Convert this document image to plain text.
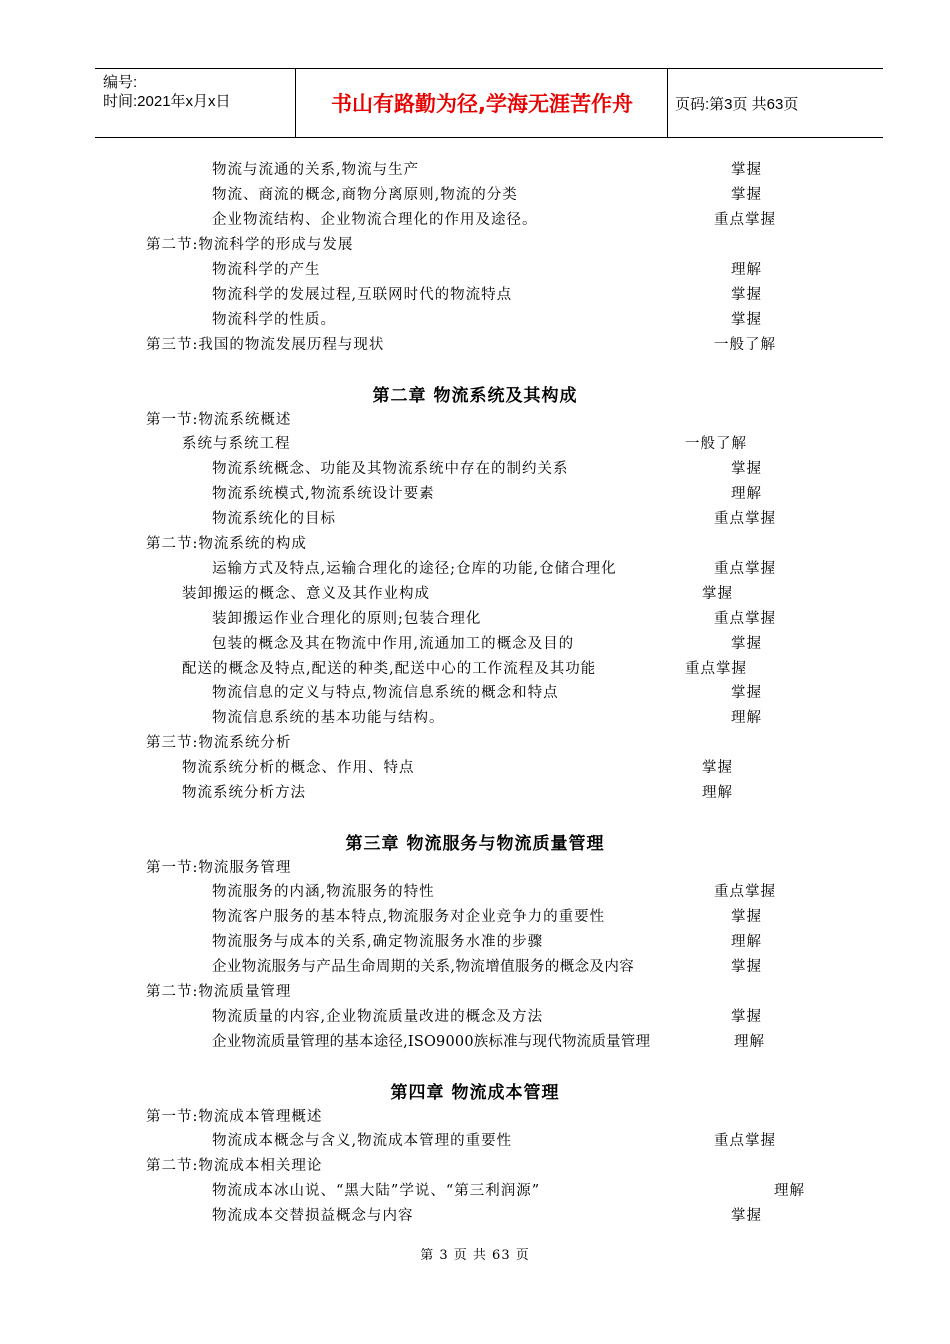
编号:
时间:2021年x月x日	书山有路勤为径,学海无涯苦作舟	页码:第3页 共63页
物流与流通的关系,物流与生产	掌握
物流、商流的概念,商物分离原则,物流的分类	掌握
企业物流结构、企业物流合理化的作用及途径。	重点掌握
第二节:物流科学的形成与发展
物流科学的产生	理解
物流科学的发展过程,互联网时代的物流特点	掌握
物流科学的性质。	掌握
第三节:我国的物流发展历程与现状	一般了解
第二章 物流系统及其构成
第一节:物流系统概述
系统与系统工程	一般了解
物流系统概念、功能及其物流系统中存在的制约关系	掌握
物流系统模式,物流系统设计要素	理解
物流系统化的目标	重点掌握
第二节:物流系统的构成
运输方式及特点,运输合理化的途径;仓库的功能,仓储合理化	重点掌握
装卸搬运的概念、意义及其作业构成	掌握
装卸搬运作业合理化的原则;包装合理化	重点掌握
包装的概念及其在物流中作用,流通加工的概念及目的	掌握
配送的概念及特点,配送的种类,配送中心的工作流程及其功能	重点掌握
物流信息的定义与特点,物流信息系统的概念和特点	掌握
物流信息系统的基本功能与结构。	理解
第三节:物流系统分析
物流系统分析的概念、作用、特点	掌握
物流系统分析方法	理解
第三章 物流服务与物流质量管理
第一节:物流服务管理
物流服务的内涵,物流服务的特性	重点掌握
物流客户服务的基本特点,物流服务对企业竞争力的重要性	掌握
物流服务与成本的关系,确定物流服务水准的步骤	理解
企业物流服务与产品生命周期的关系,物流增值服务的概念及内容	掌握
第二节:物流质量管理
物流质量的内容,企业物流质量改进的概念及方法	掌握
企业物流质量管理的基本途径,ISO9000族标准与现代物流质量管理	理解
第四章 物流成本管理
第一节:物流成本管理概述
物流成本概念与含义,物流成本管理的重要性	重点掌握
第二节:物流成本相关理论
物流成本冰山说、“黑大陆”学说、“第三利润源”	理解
物流成本交替损益概念与内容	掌握
第 3 页 共 63 页
